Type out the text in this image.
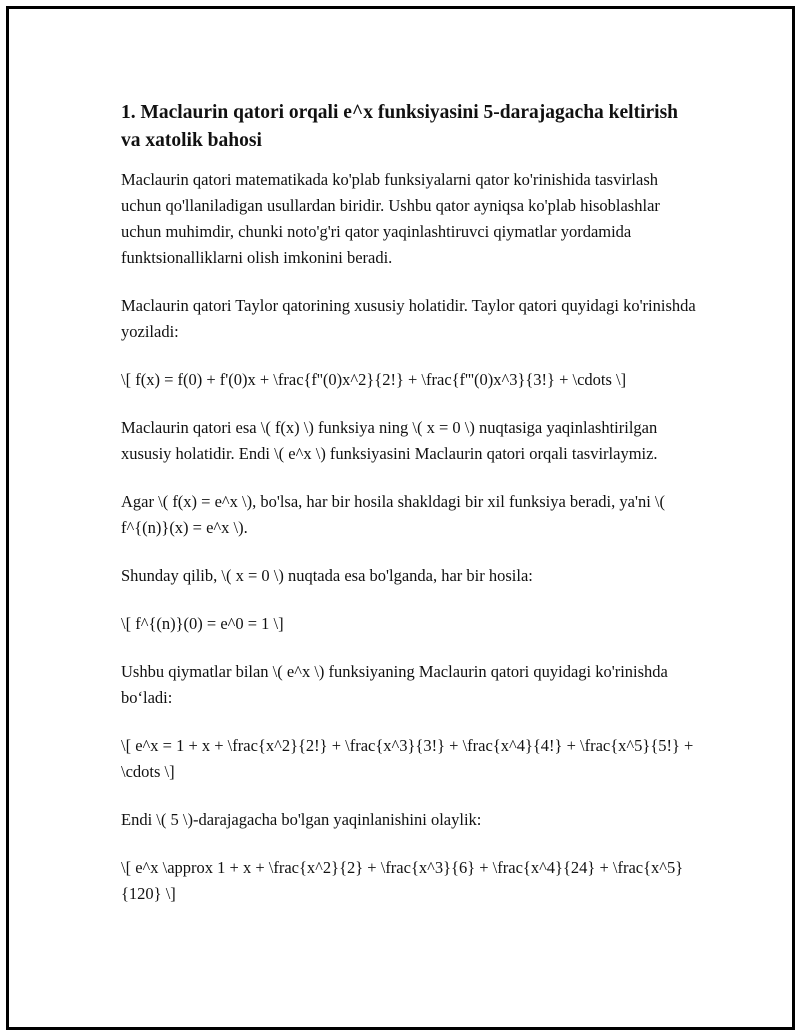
1. Maclaurin qatori orqali e^x funksiyasini 5-darajagacha keltirish va xatolik bahosi

Maclaurin qatori matematikada ko'plab funksiyalarni qator ko'rinishida tasvirlash uchun qo'llaniladigan usullardan biridir. Ushbu qator ayniqsa ko'plab hisoblashlar uchun muhimdir, chunki noto'g'ri qator yaqinlashtiruvci qiymatlar yordamida funktsionalliklarni olish imkonini beradi.

Maclaurin qatori Taylor qatorining xususiy holatidir. Taylor qatori quyidagi ko'rinishda yoziladi:

\[ f(x) = f(0) + f'(0)x + \frac{f''(0)x^2}{2!} + \frac{f'''(0)x^3}{3!} + \cdots \]

Maclaurin qatori esa \( f(x) \) funksiya ning \( x = 0 \) nuqtasiga yaqinlashtirilgan xususiy holatidir. Endi \( e^x \) funksiyasini Maclaurin qatori orqali tasvirlaymiz.

Agar \( f(x) = e^x \), bo'lsa, har bir hosila shakldagi bir xil funksiya beradi, ya'ni \( f^{(n)}(x) = e^x \).

Shunday qilib, \( x = 0 \) nuqtada esa bo'lganda, har bir hosila:

\[ f^{(n)}(0) = e^0 = 1 \]

Ushbu qiymatlar bilan \( e^x \) funksiyaning Maclaurin qatori quyidagi ko'rinishda bo‘ladi:

\[ e^x = 1 + x + \frac{x^2}{2!} + \frac{x^3}{3!} + \frac{x^4}{4!} + \frac{x^5}{5!} + \cdots \]

Endi \( 5 \)-darajagacha bo'lgan yaqinlanishini olaylik:

\[ e^x \approx 1 + x + \frac{x^2}{2} + \frac{x^3}{6} + \frac{x^4}{24} + \frac{x^5}{120} \]
